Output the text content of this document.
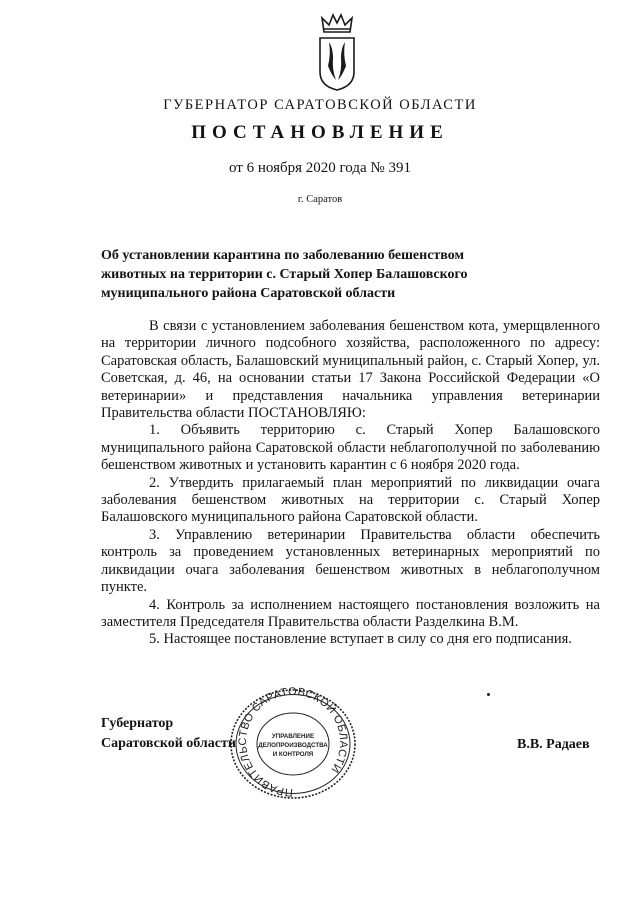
ГУБЕРНАТОР САРАТОВСКОЙ ОБЛАСТИ
ПОСТАНОВЛЕНИЕ
от 6 ноября 2020 года № 391
г. Саратов
Об установлении карантина по заболеванию бешенством
животных на территории с. Старый Хопер Балашовского
муниципального района Саратовской области

В связи с установлением заболевания бешенством кота, умерщвленного на территории личного подсобного хозяйства, расположенного по адресу: Саратовская область, Балашовский муниципальный район, с. Старый Хопер, ул. Советская, д. 46, на основании статьи 17 Закона Российской Федерации «О ветеринарии» и представления начальника управления ветеринарии Правительства области ПОСТАНОВЛЯЮ:

1. Объявить территорию с. Старый Хопер Балашовского муниципального района Саратовской области неблагополучной по заболеванию бешенством животных и установить карантин с 6 ноября 2020 года.

2. Утвердить прилагаемый план мероприятий по ликвидации очага заболевания бешенством животных на территории с. Старый Хопер Балашовского муниципального района Саратовской области.

3. Управлению ветеринарии Правительства области обеспечить контроль за проведением установленных ветеринарных мероприятий по ликвидации очага заболевания бешенством животных в неблагополучном пункте.

4. Контроль за исполнением настоящего постановления возложить на заместителя Председателя Правительства области Разделкина В.М.

5. Настоящее постановление вступает в силу со дня его подписания.

Губернатор
Саратовской области
ПРАВИТЕЛЬСТВО САРАТОВСКОЙ ОБЛАСТИ
УПРАВЛЕНИЕ
ДЕЛОПРОИЗВОДСТВА
И КОНТРОЛЯ
В.В. Радаев
